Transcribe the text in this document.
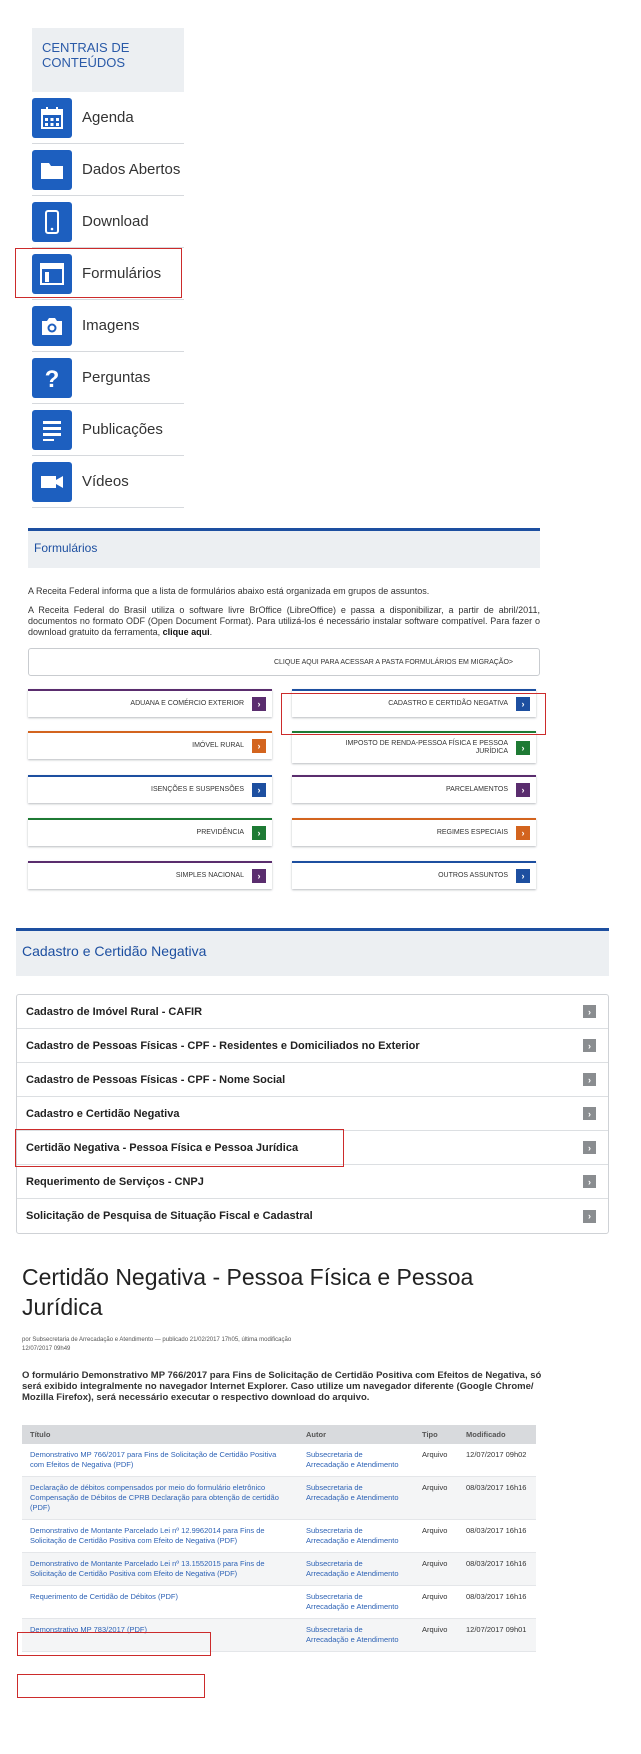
CENTRAIS DE CONTEÚDOS
Agenda
Dados Abertos
Download
Formulários
Imagens
? Perguntas
Publicações
Vídeos
Formulários

A Receita Federal informa que a lista de formulários abaixo está organizada em grupos de assuntos.

A Receita Federal do Brasil utiliza o software livre BrOffice (LibreOffice) e passa a disponibilizar, a partir de abril/2011, documentos no formato ODF (Open Document Format). Para utilizá-los é necessário instalar software compatível. Para fazer o download gratuito da ferramenta, clique aqui.

CLIQUE AQUI PARA ACESSAR A PASTA FORMULÁRIOS EM MIGRAÇÃO>
ADUANA E COMÉRCIO EXTERIOR	›	CADASTRO E CERTIDÃO NEGATIVA	›
IMÓVEL RURAL	›	IMPOSTO DE RENDA-PESSOA FÍSICA E PESSOA JURÍDICA	›
ISENÇÕES E SUSPENSÕES	›	PARCELAMENTOS	›
PREVIDÊNCIA	›	REGIMES ESPECIAIS	›
SIMPLES NACIONAL	›	OUTROS ASSUNTOS	›
Cadastro e Certidão Negativa
Cadastro de Imóvel Rural - CAFIR	›
Cadastro de Pessoas Físicas - CPF - Residentes e Domiciliados no Exterior	›
Cadastro de Pessoas Físicas - CPF - Nome Social	›
Cadastro e Certidão Negativa	›
Certidão Negativa - Pessoa Física e Pessoa Jurídica	›
Requerimento de Serviços - CNPJ	›
Solicitação de Pesquisa de Situação Fiscal e Cadastral	›
Certidão Negativa - Pessoa Física e Pessoa Jurídica
por Subsecretaria de Arrecadação e Atendimento — publicado 21/02/2017 17h05, última modificação 12/07/2017 09h49
O formulário Demonstrativo MP 766/2017 para Fins de Solicitação de Certidão Positiva com Efeitos de Negativa, só será exibido integralmente no navegador Internet Explorer. Caso utilize um navegador diferente (Google Chrome/ Mozilla Firefox), será necessário executar o respectivo download do arquivo.
Título	Autor	Tipo	Modificado
Demonstrativo MP 766/2017 para Fins de Solicitação de Certidão Positiva com Efeitos de Negativa (PDF)	Subsecretaria de Arrecadação e Atendimento	Arquivo	12/07/2017 09h02
Declaração de débitos compensados por meio do formulário eletrônico Compensação de Débitos de CPRB Declaração para obtenção de certidão (PDF)	Subsecretaria de Arrecadação e Atendimento	Arquivo	08/03/2017 16h16
Demonstrativo de Montante Parcelado Lei nº 12.9962014 para Fins de Solicitação de Certidão Positiva com Efeito de Negativa (PDF)	Subsecretaria de Arrecadação e Atendimento	Arquivo	08/03/2017 16h16
Demonstrativo de Montante Parcelado Lei nº 13.1552015 para Fins de Solicitação de Certidão Positiva com Efeito de Negativa (PDF)	Subsecretaria de Arrecadação e Atendimento	Arquivo	08/03/2017 16h16
Requerimento de Certidão de Débitos (PDF)	Subsecretaria de Arrecadação e Atendimento	Arquivo	08/03/2017 16h16
Demonstrativo MP 783/2017 (PDF)	Subsecretaria de Arrecadação e Atendimento	Arquivo	12/07/2017 09h01
